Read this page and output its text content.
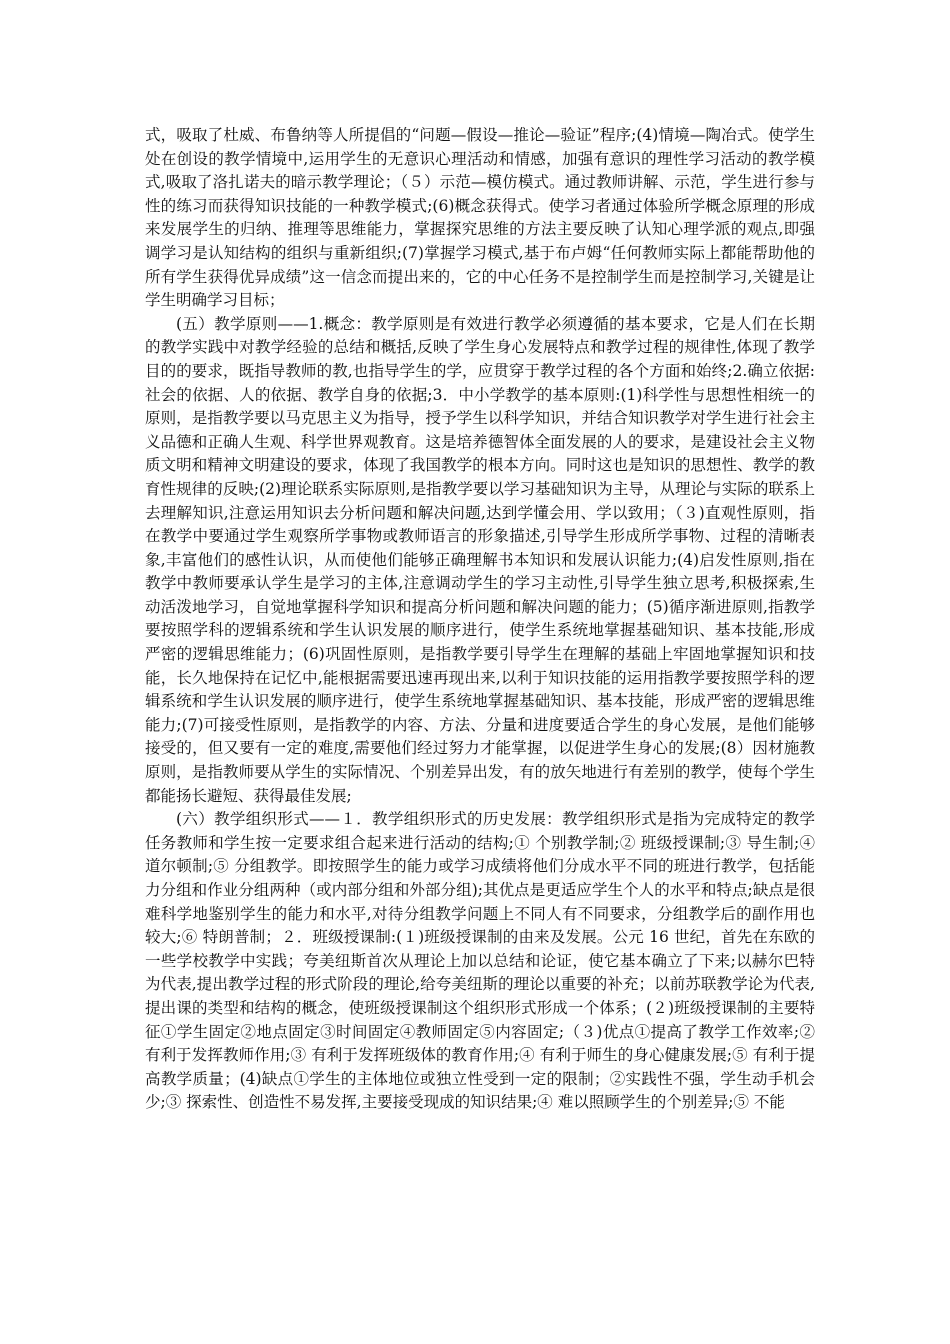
式，吸取了杜威、布鲁纳等人所提倡的“问题—假设—推论—验证”程序;(4)情境—陶冶式。使学生处在创设的教学情境中,运用学生的无意识心理活动和情感，加强有意识的理性学习活动的教学模式,吸取了洛扎诺夫的暗示教学理论；（５）示范—模仿模式。通过教师讲解、示范，学生进行参与性的练习而获得知识技能的一种教学模式;(6)概念获得式。使学习者通过体验所学概念原理的形成来发展学生的归纳、推理等思维能力，掌握探究思维的方法主要反映了认知心理学派的观点,即强调学习是认知结构的组织与重新组织;(7)掌握学习模式,基于布卢姆“任何教师实际上都能帮助他的所有学生获得优异成绩”这一信念而提出来的，它的中心任务不是控制学生而是控制学习,关键是让学生明确学习目标；

(五）教学原则——1.概念：教学原则是有效进行教学必须遵循的基本要求，它是人们在长期的教学实践中对教学经验的总结和概括,反映了学生身心发展特点和教学过程的规律性,体现了教学目的的要求，既指导教师的教,也指导学生的学，应贯穿于教学过程的各个方面和始终;2.确立依据:社会的依据、人的依据、教学自身的依据;3．中小学教学的基本原则:(1)科学性与思想性相统一的原则，是指教学要以马克思主义为指导，授予学生以科学知识，并结合知识教学对学生进行社会主义品德和正确人生观、科学世界观教育。这是培养德智体全面发展的人的要求，是建设社会主义物质文明和精神文明建设的要求，体现了我国教学的根本方向。同时这也是知识的思想性、教学的教育性规律的反映;(2)理论联系实际原则,是指教学要以学习基础知识为主导，从理论与实际的联系上去理解知识,注意运用知识去分析问题和解决问题,达到学懂会用、学以致用；（３)直观性原则，指在教学中要通过学生观察所学事物或教师语言的形象描述,引导学生形成所学事物、过程的清晰表象,丰富他们的感性认识，从而使他们能够正确理解书本知识和发展认识能力;(4)启发性原则,指在教学中教师要承认学生是学习的主体,注意调动学生的学习主动性,引导学生独立思考,积极探索,生动活泼地学习，自觉地掌握科学知识和提高分析问题和解决问题的能力；(5)循序渐进原则,指教学要按照学科的逻辑系统和学生认识发展的顺序进行，使学生系统地掌握基础知识、基本技能,形成严密的逻辑思维能力；(6)巩固性原则，是指教学要引导学生在理解的基础上牢固地掌握知识和技能，长久地保持在记忆中,能根据需要迅速再现出来,以利于知识技能的运用指教学要按照学科的逻辑系统和学生认识发展的顺序进行，使学生系统地掌握基础知识、基本技能，形成严密的逻辑思维能力;(7)可接受性原则，是指教学的内容、方法、分量和进度要适合学生的身心发展，是他们能够接受的，但又要有一定的难度,需要他们经过努力才能掌握，以促进学生身心的发展;(8）因材施教原则，是指教师要从学生的实际情况、个别差异出发，有的放矢地进行有差别的教学，使每个学生都能扬长避短、获得最佳发展;

(六）教学组织形式——１．教学组织形式的历史发展：教学组织形式是指为完成特定的教学任务教师和学生按一定要求组合起来进行活动的结构;① 个别教学制;② 班级授课制;③ 导生制;④ 道尔顿制;⑤ 分组教学。即按照学生的能力或学习成绩将他们分成水平不同的班进行教学，包括能力分组和作业分组两种（或内部分组和外部分组);其优点是更适应学生个人的水平和特点;缺点是很难科学地鉴别学生的能力和水平,对待分组教学问题上不同人有不同要求，分组教学后的副作用也较大;⑥ 特朗普制；２．班级授课制:(１)班级授课制的由来及发展。公元 16 世纪，首先在东欧的一些学校教学中实践；夸美纽斯首次从理论上加以总结和论证，使它基本确立了下来;以赫尔巴特为代表,提出教学过程的形式阶段的理论,给夸美纽斯的理论以重要的补充；以前苏联教学论为代表,提出课的类型和结构的概念，使班级授课制这个组织形式形成一个体系；(２)班级授课制的主要特征①学生固定②地点固定③时间固定④教师固定⑤内容固定;（３)优点①提高了教学工作效率;② 有利于发挥教师作用;③ 有利于发挥班级体的教育作用;④ 有利于师生的身心健康发展;⑤ 有利于提高教学质量；(4)缺点①学生的主体地位或独立性受到一定的限制；②实践性不强，学生动手机会少;③ 探索性、创造性不易发挥,主要接受现成的知识结果;④ 难以照顾学生的个别差异;⑤ 不能
